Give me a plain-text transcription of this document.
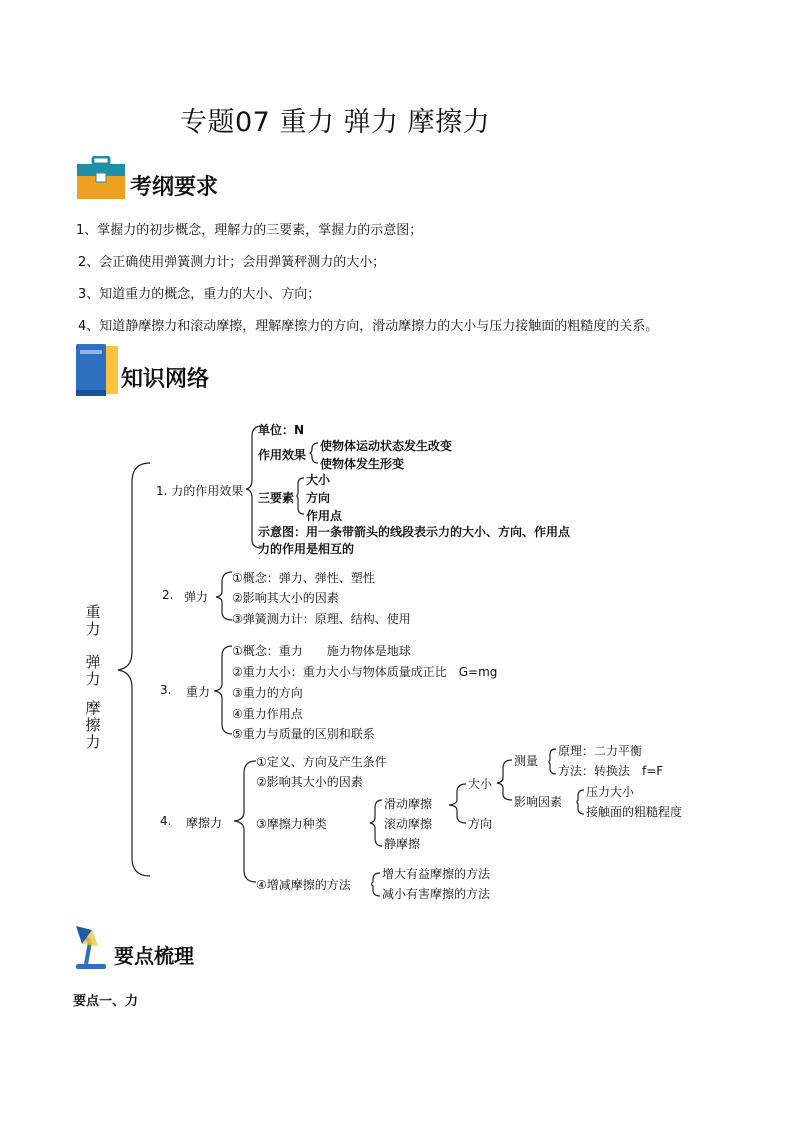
专题07 重力 弹力 摩擦力
考纲要求
1、掌握力的初步概念，理解力的三要素，掌握力的示意图；
2、会正确使用弹簧测力计；会用弹簧秤测力的大小；
3、知道重力的概念，重力的大小、方向；
4、知道静摩擦力和滚动摩擦，理解摩擦力的方向，滑动摩擦力的大小与压力接触面的粗糙度的关系。
知识网络
重力
弹力
摩擦力
1. 力的作用效果
单位：N
作用效果
使物体运动状态发生改变
使物体发生形变
三要素
大小
方向
作用点
示意图：用一条带箭头的线段表示力的大小、方向、作用点
力的作用是相互的
2. 弹力
①概念：弹力、弹性、塑性
②影响其大小的因素
③弹簧测力计：原理、结构、使用
3. 重力
①概念：重力　　施力物体是地球
②重力大小：重力大小与物体质量成正比　G=mg
③重力的方向
④重力作用点
⑤重力与质量的区别和联系
4. 摩擦力
①定义、方向及产生条件
②影响其大小的因素
③摩擦力种类
滑动摩擦
滚动摩擦
静摩擦
大小
方向
测量
原理：二力平衡
方法：转换法　f=F
影响因素
压力大小
接触面的粗糙程度
④增减摩擦的方法
增大有益摩擦的方法
减小有害摩擦的方法
要点梳理
要点一、力
